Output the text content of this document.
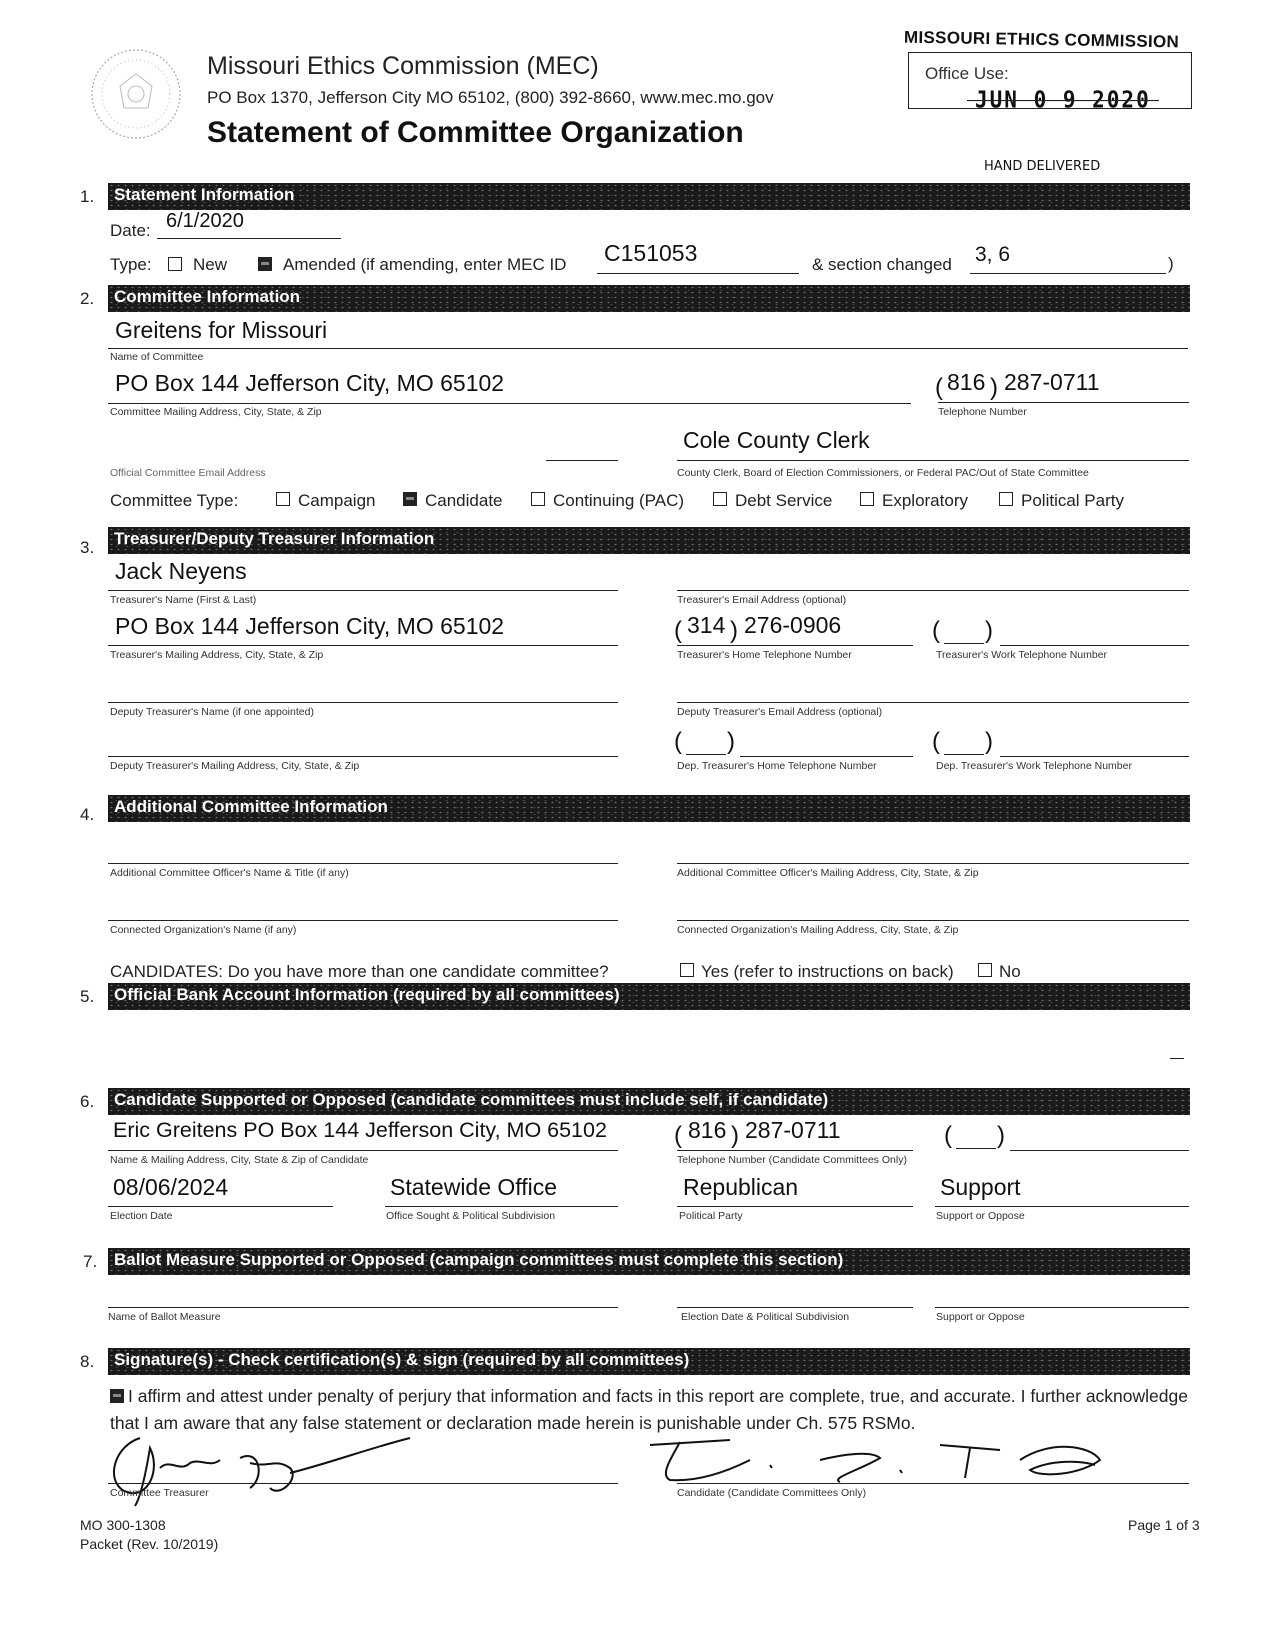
Missouri Ethics Commission (MEC)
PO Box 1370, Jefferson City MO 65102, (800) 392-8660, www.mec.mo.gov
Statement of Committee Organization
MISSOURI ETHICS COMMISSION
Office Use:
JUN 0 9 2020
HAND DELIVERED
1. Statement Information
Date: 6/1/2020
Type: New	Amended (if amending, enter MEC ID C151053	& section changed 3, 6	)
2. Committee Information
Greitens for Missouri
Name of Committee
PO Box 144 Jefferson City, MO 65102
Committee Mailing Address, City, State, & Zip
( 816 ) 287-0711
Telephone Number
Official Committee Email Address
Cole County Clerk
County Clerk, Board of Election Commissioners, or Federal PAC/Out of State Committee
Committee Type:	Campaign	Candidate	Continuing (PAC)	Debt Service	Exploratory	Political Party
3. Treasurer/Deputy Treasurer Information
Jack Neyens
Treasurer's Name (First & Last)	Treasurer's Email Address (optional)
PO Box 144 Jefferson City, MO 65102
Treasurer's Mailing Address, City, State, & Zip
( 314 ) 276-0906
Treasurer's Home Telephone Number
( )
Treasurer's Work Telephone Number
Deputy Treasurer's Name (if one appointed)	Deputy Treasurer's Email Address (optional)
Deputy Treasurer's Mailing Address, City, State, & Zip
( )
Dep. Treasurer's Home Telephone Number
( )
Dep. Treasurer's Work Telephone Number
4. Additional Committee Information
Additional Committee Officer's Name & Title (if any)	Additional Committee Officer's Mailing Address, City, State, & Zip
Connected Organization's Name (if any)	Connected Organization's Mailing Address, City, State, & Zip
CANDIDATES: Do you have more than one candidate committee?	Yes (refer to instructions on back)	No
5. Official Bank Account Information (required by all committees)
6. Candidate Supported or Opposed (candidate committees must include self, if candidate)
Eric Greitens PO Box 144 Jefferson City, MO 65102
Name & Mailing Address, City, State & Zip of Candidate
( 816 ) 287-0711
Telephone Number (Candidate Committees Only)
( )
08/06/2024
Election Date
Statewide Office
Office Sought & Political Subdivision
Republican
Political Party
Support
Support or Oppose
7. Ballot Measure Supported or Opposed (campaign committees must complete this section)
Name of Ballot Measure	Election Date & Political Subdivision	Support or Oppose
8. Signature(s) - Check certification(s) & sign (required by all committees)
I affirm and attest under penalty of perjury that information and facts in this report are complete, true, and accurate. I further acknowledge that I am aware that any false statement or declaration made herein is punishable under Ch. 575 RSMo.
Committee Treasurer	Candidate (Candidate Committees Only)
MO 300-1308
Packet (Rev. 10/2019)
Page 1 of 3
